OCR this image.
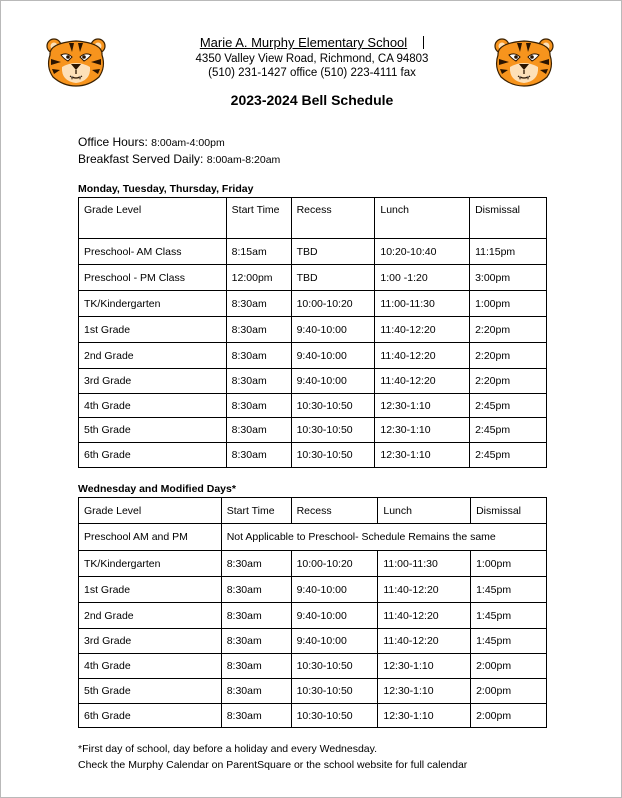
Marie A. Murphy Elementary School
4350 Valley View Road, Richmond, CA 94803
(510) 231-1427 office (510) 223-4111 fax
2023-2024 Bell Schedule
Office Hours: 8:00am-4:00pm
Breakfast Served Daily: 8:00am-8:20am
Monday, Tuesday, Thursday, Friday
Grade Level	Start Time	Recess	Lunch	Dismissal
Preschool- AM Class	8:15am	TBD	10:20-10:40	11:15pm
Preschool - PM Class	12:00pm	TBD	1:00 -1:20	3:00pm
TK/Kindergarten	8:30am	10:00-10:20	11:00-11:30	1:00pm
1st Grade	8:30am	9:40-10:00	11:40-12:20	2:20pm
2nd Grade	8:30am	9:40-10:00	11:40-12:20	2:20pm
3rd Grade	8:30am	9:40-10:00	11:40-12:20	2:20pm
4th Grade	8:30am	10:30-10:50	12:30-1:10	2:45pm
5th Grade	8:30am	10:30-10:50	12:30-1:10	2:45pm
6th Grade	8:30am	10:30-10:50	12:30-1:10	2:45pm
Wednesday and Modified Days*
Grade Level	Start Time	Recess	Lunch	Dismissal
Preschool AM and PM	Not Applicable to Preschool- Schedule Remains the same			
TK/Kindergarten	8:30am	10:00-10:20	11:00-11:30	1:00pm
1st Grade	8:30am	9:40-10:00	11:40-12:20	1:45pm
2nd Grade	8:30am	9:40-10:00	11:40-12:20	1:45pm
3rd Grade	8:30am	9:40-10:00	11:40-12:20	1:45pm
4th Grade	8:30am	10:30-10:50	12:30-1:10	2:00pm
5th Grade	8:30am	10:30-10:50	12:30-1:10	2:00pm
6th Grade	8:30am	10:30-10:50	12:30-1:10	2:00pm
*First day of school, day before a holiday and every Wednesday.
Check the Murphy Calendar on ParentSquare or the school website for full calendar
